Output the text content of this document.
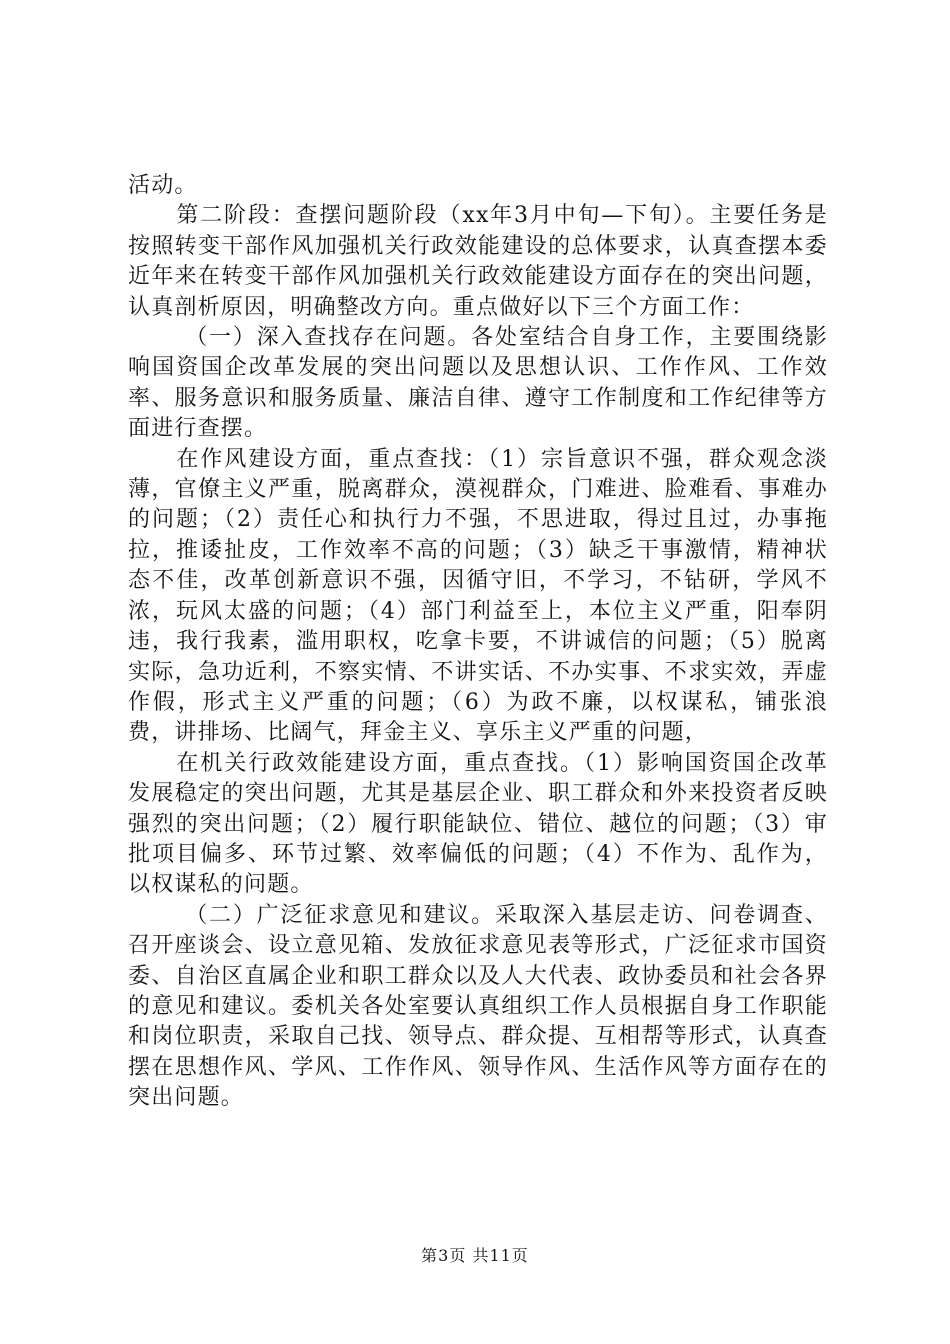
活动。

第二阶段：查摆问题阶段（xx年3月中旬—下旬）。主要任务是按照转变干部作风加强机关行政效能建设的总体要求，认真查摆本委近年来在转变干部作风加强机关行政效能建设方面存在的突出问题，认真剖析原因，明确整改方向。重点做好以下三个方面工作：

（一）深入查找存在问题。各处室结合自身工作，主要围绕影响国资国企改革发展的突出问题以及思想认识、工作作风、工作效率、服务意识和服务质量、廉洁自律、遵守工作制度和工作纪律等方面进行查摆。

在作风建设方面，重点查找：（1）宗旨意识不强，群众观念淡薄，官僚主义严重，脱离群众，漠视群众，门难进、脸难看、事难办的问题；（2）责任心和执行力不强，不思进取，得过且过，办事拖拉，推诿扯皮，工作效率不高的问题；（3）缺乏干事激情，精神状态不佳，改革创新意识不强，因循守旧，不学习，不钻研，学风不浓，玩风太盛的问题；（4）部门利益至上，本位主义严重，阳奉阴违，我行我素，滥用职权，吃拿卡要，不讲诚信的问题；（5）脱离实际，急功近利，不察实情、不讲实话、不办实事、不求实效，弄虚作假，形式主义严重的问题；（6）为政不廉，以权谋私，铺张浪费，讲排场、比阔气，拜金主义、享乐主义严重的问题，

在机关行政效能建设方面，重点查找。（1）影响国资国企改革发展稳定的突出问题，尤其是基层企业、职工群众和外来投资者反映强烈的突出问题；（2）履行职能缺位、错位、越位的问题；（3）审批项目偏多、环节过繁、效率偏低的问题；（4）不作为、乱作为，以权谋私的问题。

（二）广泛征求意见和建议。采取深入基层走访、问卷调查、召开座谈会、设立意见箱、发放征求意见表等形式，广泛征求市国资委、自治区直属企业和职工群众以及人大代表、政协委员和社会各界的意见和建议。委机关各处室要认真组织工作人员根据自身工作职能和岗位职责，采取自己找、领导点、群众提、互相帮等形式，认真查摆在思想作风、学风、工作作风、领导作风、生活作风等方面存在的突出问题。

第3页 共11页
